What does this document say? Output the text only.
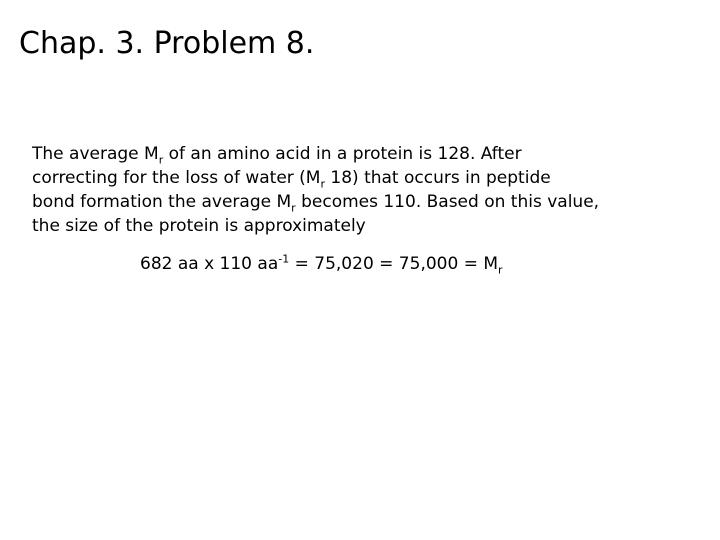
Chap. 3. Problem 8.
The average $M_r$ of an amino acid in a protein is 128. After
correcting for the loss of water ($M_r$ 18) that occurs in peptide
bond formation the average $M_r$ becomes 110. Based on this value,
the size of the protein is approximately
682 aa x 110 $aa^{-1} = 75,020 = 75,000 = M_r$
